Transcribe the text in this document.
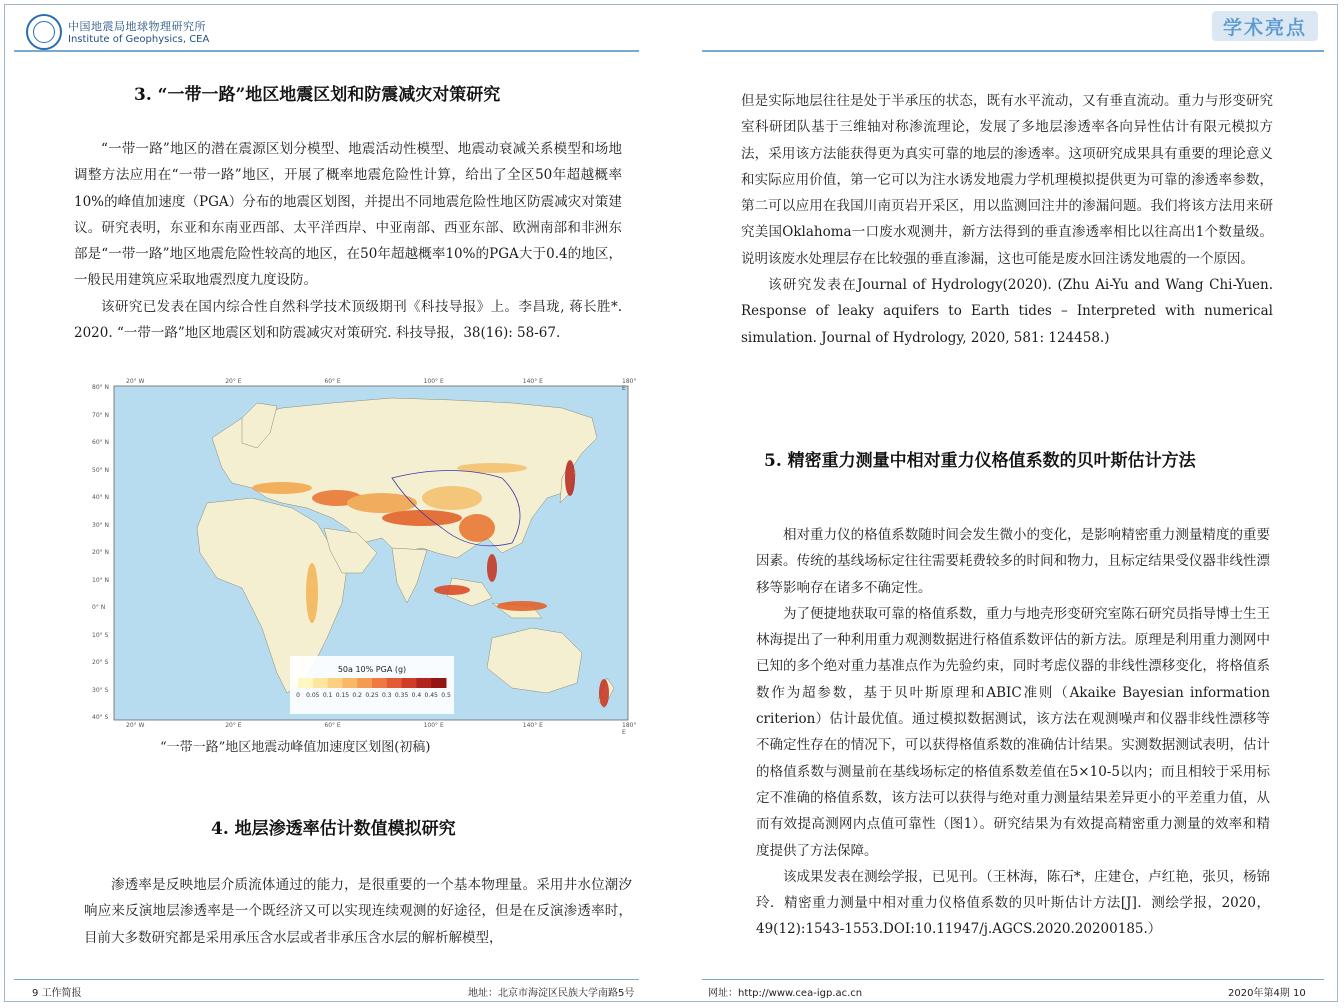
中国地震局地球物理研究所
Institute of Geophysics, CEA
学术亮点
3. “一带一路”地区地震区划和防震减灾对策研究

“一带一路”地区的潜在震源区划分模型、地震活动性模型、地震动衰减关系模型和场地调整方法应用在“一带一路”地区，开展了概率地震危险性计算，给出了全区50年超越概率10%的峰值加速度（PGA）分布的地震区划图，并提出不同地震危险性地区防震减灾对策建议。研究表明，东亚和东南亚西部、太平洋西岸、中亚南部、西亚东部、欧洲南部和非洲东部是“一带一路”地区地震危险性较高的地区，在50年超越概率10%的PGA大于0.4的地区，一般民用建筑应采取地震烈度九度设防。

该研究已发表在国内综合性自然科学技术顶级期刊《科技导报》上。李昌珑, 蒋长胜*. 2020. “一带一路”地区地震区划和防震减灾对策研究. 科技导报，38(16): 58-67.

50a 10% PGA (g)
0 0.05 0.1 0.15 0.2 0.25 0.3 0.35 0.4 0.45 0.5
80° N
70° N
60° N
50° N
40° N
30° N
20° N
10° N
0° N
10° S
20° S
30° S
40° S
20° W	20° E	60° E	100° E	140° E	180° E
20° W	20° E	60° E	100° E	140° E	180° E
“一带一路”地区地震动峰值加速度区划图(初稿)
4. 地层渗透率估计数值模拟研究

渗透率是反映地层介质流体通过的能力，是很重要的一个基本物理量。采用井水位潮汐响应来反演地层渗透率是一个既经济又可以实现连续观测的好途径，但是在反演渗透率时，目前大多数研究都是采用承压含水层或者非承压含水层的解析解模型，

9 工作简报	地址：北京市海淀区民族大学南路5号

但是实际地层往往是处于半承压的状态，既有水平流动，又有垂直流动。重力与形变研究室科研团队基于三维轴对称渗流理论，发展了多地层渗透率各向异性估计有限元模拟方法，采用该方法能获得更为真实可靠的地层的渗透率。这项研究成果具有重要的理论意义和实际应用价值，第一它可以为注水诱发地震力学机理模拟提供更为可靠的渗透率参数，第二可以应用在我国川南页岩开采区，用以监测回注井的渗漏问题。我们将该方法用来研究美国Oklahoma一口废水观测井，新方法得到的垂直渗透率相比以往高出1个数量级。说明该废水处理层存在比较强的垂直渗漏，这也可能是废水回注诱发地震的一个原因。

该研究发表在Journal of Hydrology(2020). (Zhu Ai-Yu and Wang Chi-Yuen. Response of leaky aquifers to Earth tides – Interpreted with numerical simulation. Journal of Hydrology, 2020, 581: 124458.)

5. 精密重力测量中相对重力仪格值系数的贝叶斯估计方法

相对重力仪的格值系数随时间会发生微小的变化，是影响精密重力测量精度的重要因素。传统的基线场标定往往需要耗费较多的时间和物力，且标定结果受仪器非线性漂移等影响存在诸多不确定性。

为了便捷地获取可靠的格值系数，重力与地壳形变研究室陈石研究员指导博士生王林海提出了一种利用重力观测数据进行格值系数评估的新方法。原理是利用重力测网中已知的多个绝对重力基准点作为先验约束，同时考虑仪器的非线性漂移变化，将格值系数作为超参数，基于贝叶斯原理和ABIC准则（Akaike Bayesian information criterion）估计最优值。通过模拟数据测试，该方法在观测噪声和仪器非线性漂移等不确定性存在的情况下，可以获得格值系数的准确估计结果。实测数据测试表明，估计的格值系数与测量前在基线场标定的格值系数差值在5×10-5以内；而且相较于采用标定不准确的格值系数，该方法可以获得与绝对重力测量结果差异更小的平差重力值，从而有效提高测网内点值可靠性（图1）。研究结果为有效提高精密重力测量的效率和精度提供了方法保障。

该成果发表在测绘学报，已见刊。（王林海，陈石*，庄建仓，卢红艳，张贝，杨锦玲．精密重力测量中相对重力仪格值系数的贝叶斯估计方法[J]．测绘学报，2020，49(12):1543-1553.DOI:10.11947/j.AGCS.2020.20200185.）

网址：http://www.cea-igp.ac.cn	2020年第4期 10
